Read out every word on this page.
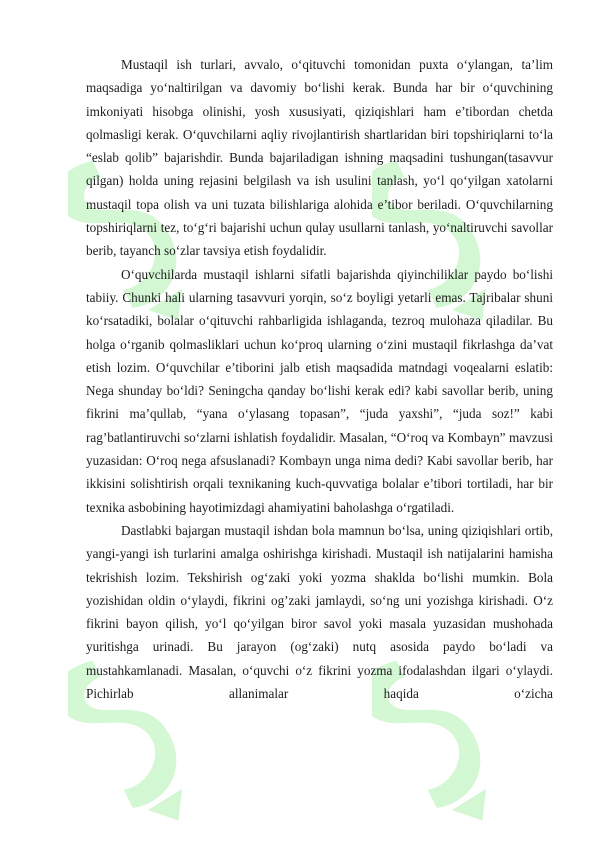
Mustaqil ish turlari, avvalo, o‘qituvchi tomonidan puxta o‘ylangan, ta’lim maqsadiga yo‘naltirilgan va davomiy bo‘lishi kerak. Bunda har bir o‘quvchining imkoniyati hisobga olinishi, yosh xususiyati, qiziqishlari ham e’tibordan chetda qolmasligi kerak. O‘quvchilarni aqliy rivojlantirish shartlaridan biri topshiriqlarni to‘la “eslab qolib” bajarishdir. Bunda bajariladigan ishning maqsadini tushungan(tasavvur qilgan) holda uning rejasini belgilash va ish usulini tanlash, yo‘l qo‘yilgan xatolarni mustaqil topa olish va uni tuzata bilishlariga alohida e’tibor beriladi. O‘quvchilarning topshiriqlarni tez, to‘g‘ri bajarishi uchun qulay usullarni tanlash, yo‘naltiruvchi savollar berib, tayanch so‘zlar tavsiya etish foydalidir.

O‘quvchilarda mustaqil ishlarni sifatli bajarishda qiyinchiliklar paydo bo‘lishi tabiiy. Chunki hali ularning tasavvuri yorqin, so‘z boyligi yetarli emas. Tajribalar shuni ko‘rsatadiki, bolalar o‘qituvchi rahbarligida ishlaganda, tezroq mulohaza qiladilar. Bu holga o‘rganib qolmasliklari uchun ko‘proq ularning o‘zini mustaqil fikrlashga da’vat etish lozim. O‘quvchilar e’tiborini jalb etish maqsadida matndagi voqealarni eslatib: Nega shunday bo‘ldi? Seningcha qanday bo‘lishi kerak edi? kabi savollar berib, uning fikrini ma’qullab, “yana o‘ylasang topasan”, “juda yaxshi”, “juda soz!” kabi rag’batlantiruvchi so‘zlarni ishlatish foydalidir. Masalan, “O‘roq va Kombayn” mavzusi yuzasidan: O‘roq nega afsuslanadi? Kombayn unga nima dedi? Kabi savollar berib, har ikkisini solishtirish orqali texnikaning kuch-quvvatiga bolalar e’tibori tortiladi, har bir texnika asbobining hayotimizdagi ahamiyatini baholashga o‘rgatiladi.

Dastlabki bajargan mustaqil ishdan bola mamnun bo‘lsa, uning qiziqishlari ortib, yangi-yangi ish turlarini amalga oshirishga kirishadi. Mustaqil ish natijalarini hamisha tekrishish lozim. Tekshirish og‘zaki yoki yozma shaklda bo‘lishi mumkin. Bola yozishidan oldin o‘ylaydi, fikrini og’zaki jamlaydi, so‘ng uni yozishga kirishadi. O‘z fikrini bayon qilish, yo‘l qo‘yilgan biror savol yoki masala yuzasidan mushohada yuritishga urinadi. Bu jarayon (og‘zaki) nutq asosida paydo bo‘ladi va mustahkamlanadi. Masalan, o‘quvchi o‘z fikrini yozma ifodalashdan ilgari o‘ylaydi. Pichirlab allanimalar haqida o‘zicha
